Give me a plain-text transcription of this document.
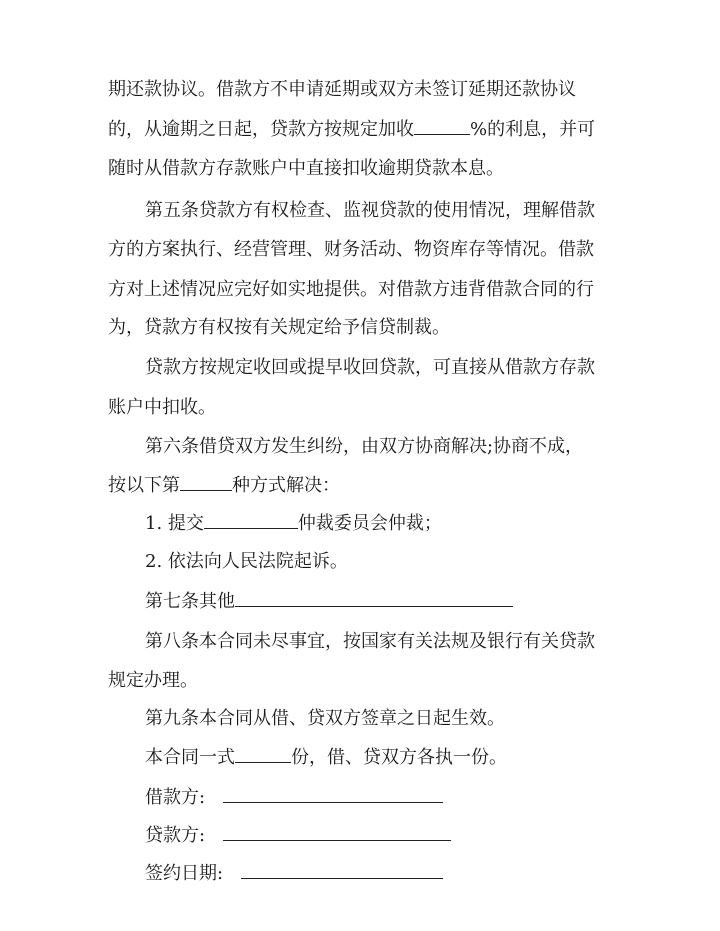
期还款协议。借款方不申请延期或双方未签订延期还款协议
的，从逾期之日起，贷款方按规定加收	%的利息，并可
随时从借款方存款账户中直接扣收逾期贷款本息。
第五条贷款方有权检查、监视贷款的使用情况，理解借款
方的方案执行、经营管理、财务活动、物资库存等情况。借款
方对上述情况应完好如实地提供。对借款方违背借款合同的行
为，贷款方有权按有关规定给予信贷制裁。
贷款方按规定收回或提早收回贷款，可直接从借款方存款
账户中扣收。
第六条借贷双方发生纠纷，由双方协商解决;协商不成，
按以下第	种方式解决：
1. 提交	仲裁委员会仲裁；
2. 依法向人民法院起诉。
第七条其他
第八条本合同未尽事宜，按国家有关法规及银行有关贷款
规定办理。
第九条本合同从借、贷双方签章之日起生效。
本合同一式	份，借、贷双方各执一份。
借款方:
贷款方:
签约日期:
